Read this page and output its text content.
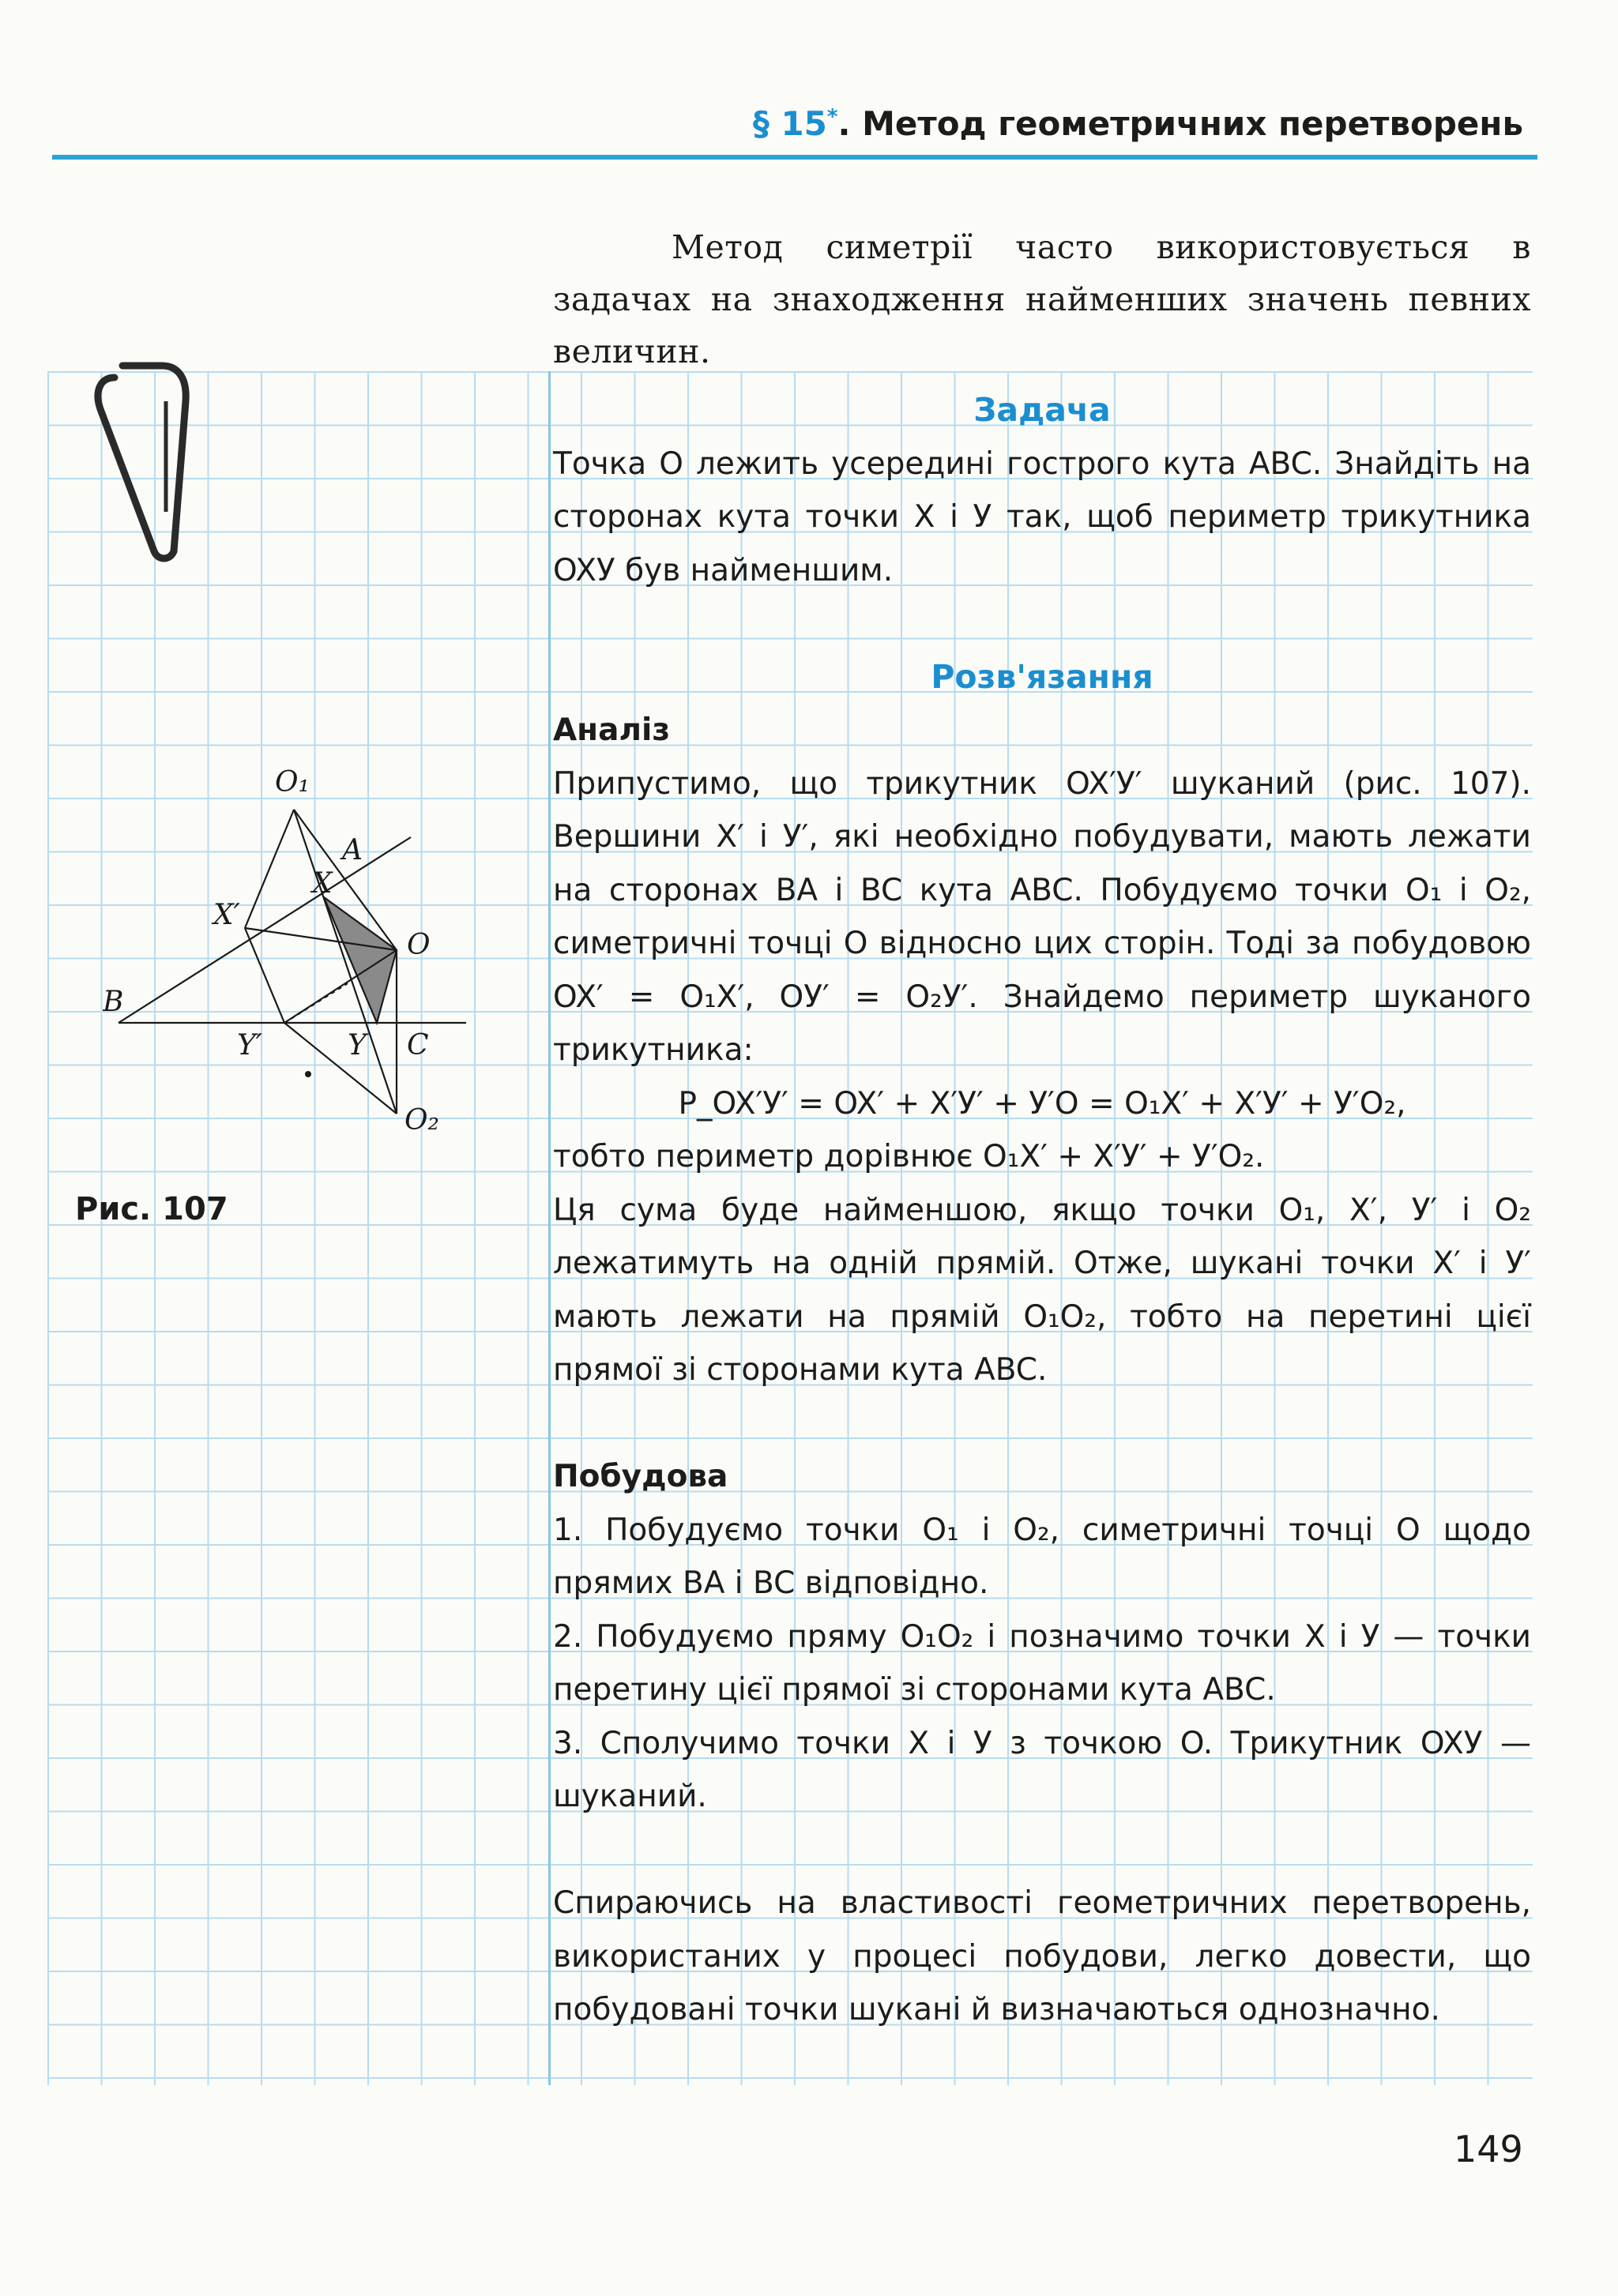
§ 15*. Метод геометричних перетворень
Метод симетрії часто використовується в задачах на знаходження найменших значень певних величин.
O₁
A
X
X′
O
B
Y′	Y C
O₂
Рис. 107

Задача

Точка O лежить усередині гострого кута ABC. Знайдіть на сторонах кута точки X і У так, щоб периметр трикутника OXУ був найменшим.

Розв'язання

Аналіз

Припустимо, що трикутник OX′У′ шуканий (рис. 107). Вершини X′ і У′, які необхідно побудувати, мають лежати на сторонах BA і BC кута ABC. Побудуємо точки O₁ і O₂, симетричні точці O відносно цих сторін. Тоді за побудовою OX′ = O₁X′, OУ′ = O₂У′. Знайдемо периметр шуканого трикутника:

P_OX′У′ = OX′ + X′У′ + У′O = O₁X′ + X′У′ + У′O₂,

тобто периметр дорівнює O₁X′ + X′У′ + У′O₂.

Ця сума буде найменшою, якщо точки O₁, X′, У′ і O₂ лежатимуть на одній прямій. Отже, шукані точки X′ і У′ мають лежати на прямій O₁O₂, тобто на перетині цієї прямої зі сторонами кута ABC.

Побудова

1. Побудуємо точки O₁ і O₂, симетричні точці O щодо прямих BA і BC відповідно.

2. Побудуємо пряму O₁O₂ і позначимо точки X і У — точки перетину цієї прямої зі сторонами кута ABC.

3. Сполучимо точки X і У з точкою O. Трикутник OXУ — шуканий.

Спираючись на властивості геометричних перетворень, використаних у процесі побудови, легко довести, що побудовані точки шукані й визначаються однозначно.

149
